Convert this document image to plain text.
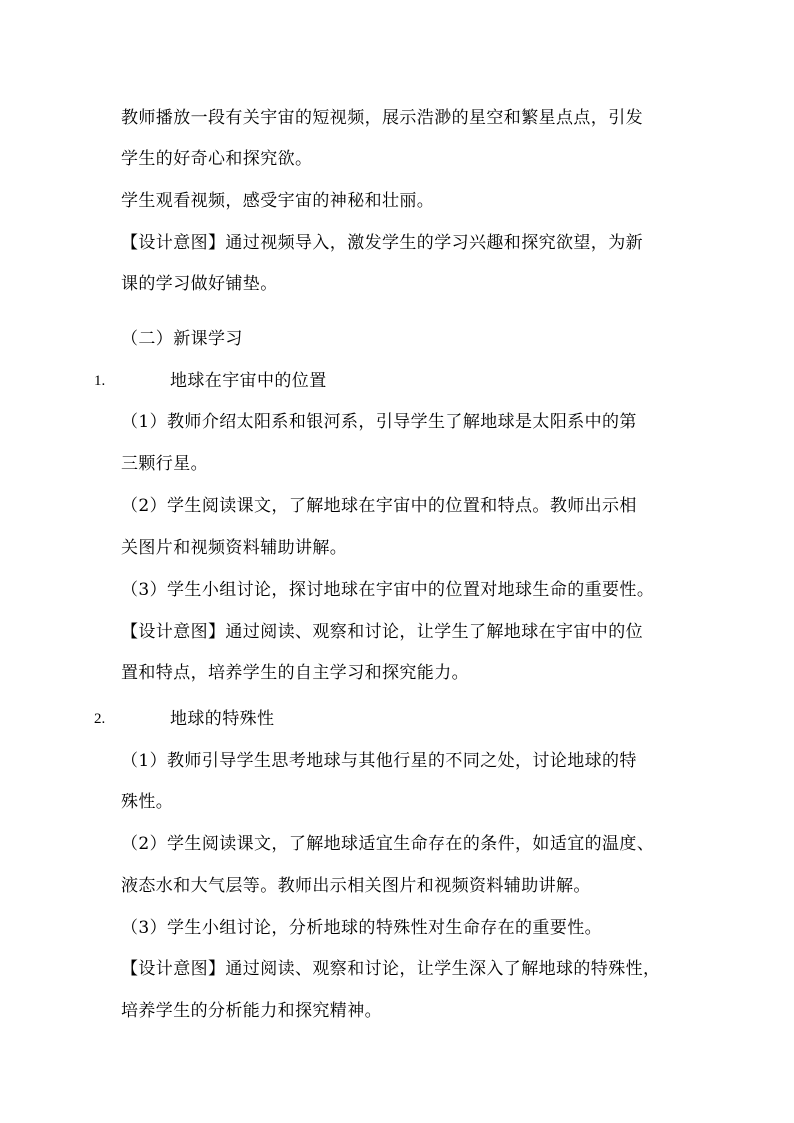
教师播放一段有关宇宙的短视频，展示浩渺的星空和繁星点点，引发
学生的好奇心和探究欲。
学生观看视频，感受宇宙的神秘和壮丽。
【设计意图】通过视频导入，激发学生的学习兴趣和探究欲望，为新
课的学习做好铺垫。
（二）新课学习
1.	地球在宇宙中的位置
（1）教师介绍太阳系和银河系，引导学生了解地球是太阳系中的第
三颗行星。
（2）学生阅读课文，了解地球在宇宙中的位置和特点。教师出示相
关图片和视频资料辅助讲解。
（3）学生小组讨论，探讨地球在宇宙中的位置对地球生命的重要性。
【设计意图】通过阅读、观察和讨论，让学生了解地球在宇宙中的位
置和特点，培养学生的自主学习和探究能力。
2.	地球的特殊性
（1）教师引导学生思考地球与其他行星的不同之处，讨论地球的特
殊性。
（2）学生阅读课文，了解地球适宜生命存在的条件，如适宜的温度、
液态水和大气层等。教师出示相关图片和视频资料辅助讲解。
（3）学生小组讨论，分析地球的特殊性对生命存在的重要性。
【设计意图】通过阅读、观察和讨论，让学生深入了解地球的特殊性，
培养学生的分析能力和探究精神。
